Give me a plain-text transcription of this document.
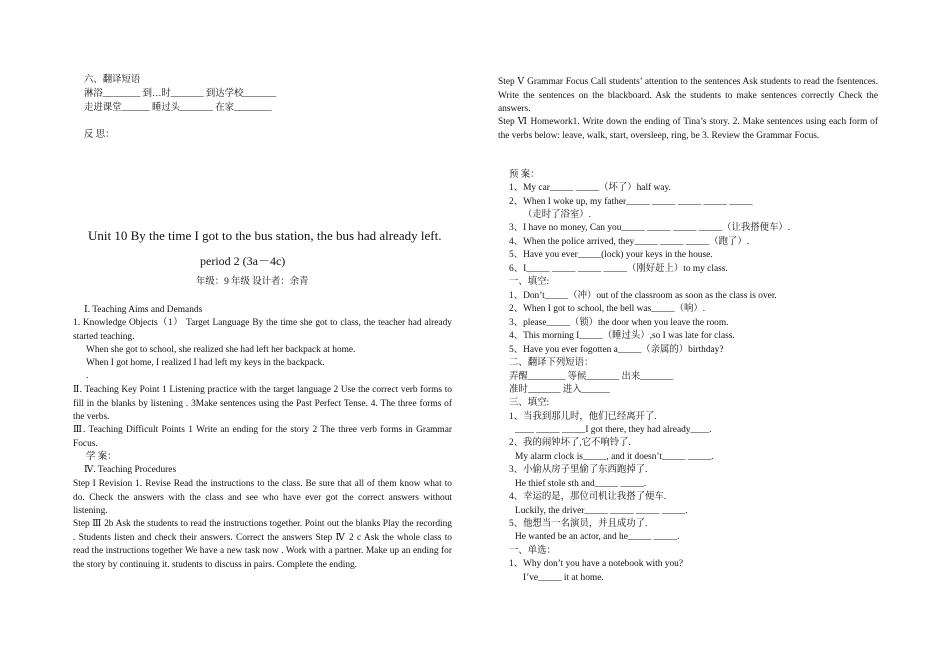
六、翻译短语
淋浴________ 到…时_______ 到达学校_______
走进课堂______ 睡过头_______ 在家________
反 思：
Unit 10 By the time I got to the bus station, the bus had already left.
period 2 (3a－4c)
年级：9 年级 设计者：余青
Ⅰ. Teaching Aims and Demands
1. Knowledge Objects（1） Target Language By the time she got to class, the teacher had already started teaching.
When she got to school, she realized she had left her backpack at home.
When I got home, I realized I had left my keys in the backpack.
.
Ⅱ. Teaching Key Point 1 Listening practice with the target language 2 Use the correct verb forms to fill in the blanks by listening . 3Make sentences using the Past Perfect Tense. 4. The three forms of the verbs.
Ⅲ. Teaching Difficult Points 1 Write an ending for the story 2 The three verb forms in Grammar Focus.
学 案：
Ⅳ. Teaching Procedures
Step I Revision 1. Revise Read the instructions to the class. Be sure that all of them know what to do. Check the answers with the class and see who have ever got the correct answers without listening.
Step Ⅲ 2b Ask the students to read the instructions together. Point out the blanks Play the recording . Students listen and check their answers. Correct the answers Step Ⅳ 2 c Ask the whole class to read the instructions together We have a new task now . Work with a partner. Make up an ending for the story by continuing it. students to discuss in pairs. Complete the ending.
Step Ⅴ Grammar Focus Call students’ attention to the sentences Ask students to read the fsentences. Write the sentences on the blackboard. Ask the students to make sentences correctly Check the answers.
Step Ⅵ Homework1. Write down the ending of Tina’s story. 2. Make sentences using each form of the verbs below: leave, walk, start, oversleep, ring, be 3. Review the Grammar Focus.
预 案：
1、My car_____ _____（坏了）half way.
2、When I woke up, my father_____ _____ _____ _____ _____
（走时了浴室）.
3、I have no money, Can you_____ _____ _____ _____（让我搭便车）.
4、When the police arrived, they_____ _____ _____（跑了）.
5、Have you ever_____(lock) your keys in the house.
6、I_____ _____ _____ _____（刚好赶上）to my class.
一、填空:
1、Don’t_____（冲）out of the classroom as soon as the class is over.
2、When I got to school, the bell was_____（响）.
3、please_____（锁）the door when you leave the room.
4、This morning I_____（睡过头）,so I was late for class.
5、Have you ever fogotten a_____（亲属的）birthday?
二、翻译下列短语：
弄醒________ 等候_______ 出来_______
准时_______ 进入______
三、填空:
1、当我到那儿时，他们已经离开了.
____ _____ _____I got there, they had already____.
2、我的闹钟坏了,它不响铃了.
My alarm clock is_____, and it doesn’t_____ _____.
3、小偷从房子里偷了东西跑掉了.
He thief stole sth and_____ _____.
4、幸运的是，那位司机让我搭了便车.
Luckily, the driver_____ _____ _____ _____.
5、他想当一名演员，并且成功了.
He wanted be an actor, and he_____ _____.
一、单选：
1、Why don’t you have a notebook with you?
I’ve_____ it at home.
